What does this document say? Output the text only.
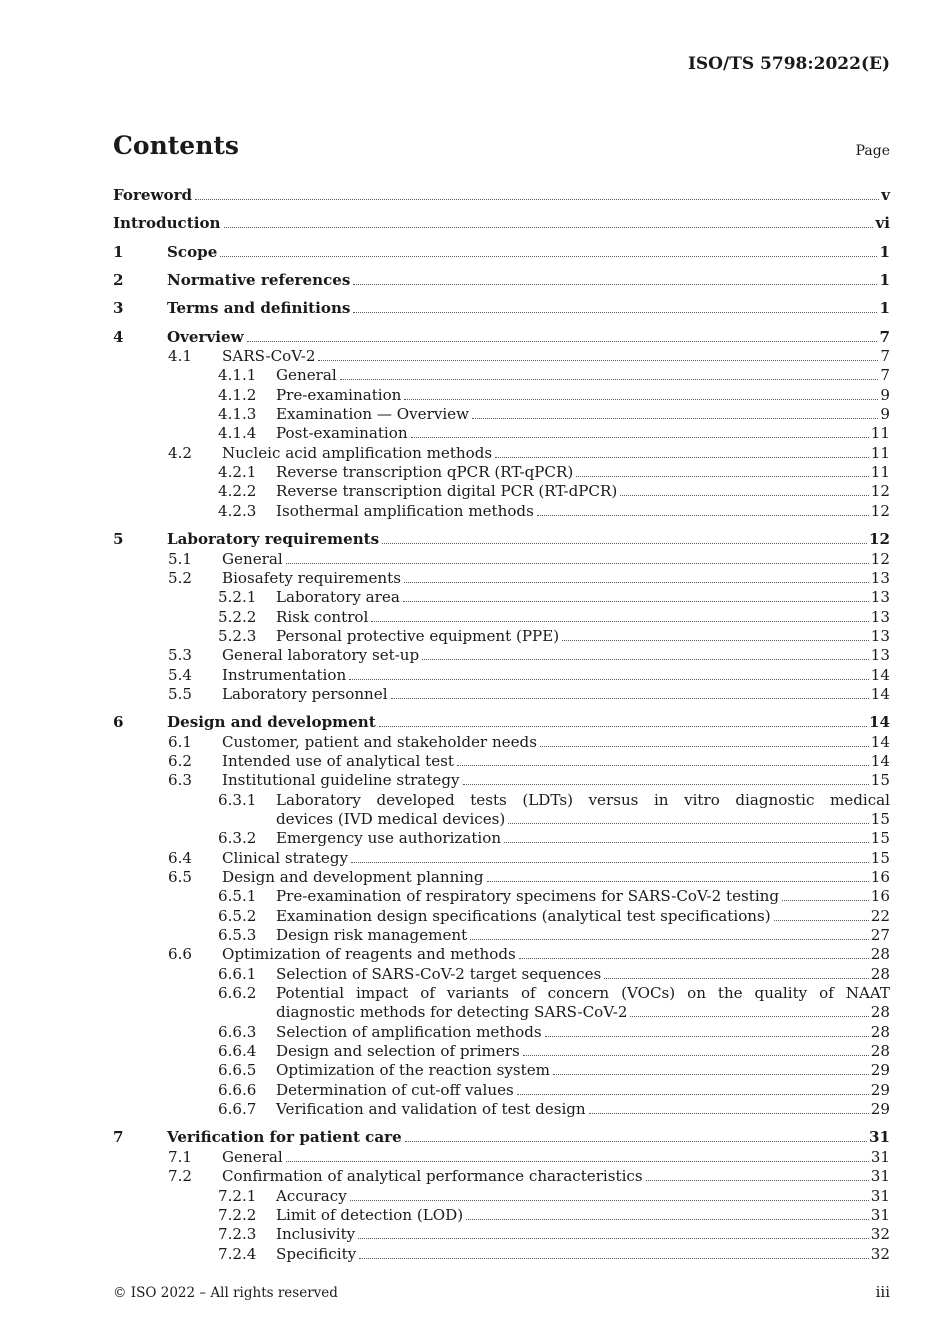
ISO/TS 5798:2022(E)
Contents	Page
Foreword	v
Introduction	vi
1	Scope	1
2	Normative references	1
3	Terms and definitions	1
4	Overview	7
4.1 SARS-CoV-2	7
4.1.1 General	7
4.1.2 Pre-examination	9
4.1.3 Examination — Overview	9
4.1.4 Post-examination	11
4.2 Nucleic acid amplification methods	11
4.2.1 Reverse transcription qPCR (RT-qPCR)	11
4.2.2 Reverse transcription digital PCR (RT-dPCR)	12
4.2.3 Isothermal amplification methods	12
5	Laboratory requirements	12
5.1 General	12
5.2 Biosafety requirements	13
5.2.1 Laboratory area	13
5.2.2 Risk control	13
5.2.3 Personal protective equipment (PPE)	13
5.3 General laboratory set-up	13
5.4 Instrumentation	14
5.5 Laboratory personnel	14
6	Design and development	14
6.1 Customer, patient and stakeholder needs	14
6.2 Intended use of analytical test	14
6.3 Institutional guideline strategy	15
6.3.1 Laboratory developed tests (LDTs) versus in vitro diagnostic medical
devices (IVD medical devices)	15
6.3.2 Emergency use authorization	15
6.4 Clinical strategy	15
6.5 Design and development planning	16
6.5.1 Pre-examination of respiratory specimens for SARS-CoV-2 testing	16
6.5.2 Examination design specifications (analytical test specifications)	22
6.5.3 Design risk management	27
6.6 Optimization of reagents and methods	28
6.6.1 Selection of SARS-CoV-2 target sequences	28
6.6.2 Potential impact of variants of concern (VOCs) on the quality of NAAT
diagnostic methods for detecting SARS-CoV-2	28
6.6.3 Selection of amplification methods	28
6.6.4 Design and selection of primers	28
6.6.5 Optimization of the reaction system	29
6.6.6 Determination of cut-off values	29
6.6.7 Verification and validation of test design	29
7	Verification for patient care	31
7.1 General	31
7.2 Confirmation of analytical performance characteristics	31
7.2.1 Accuracy	31
7.2.2 Limit of detection (LOD)	31
7.2.3 Inclusivity	32
7.2.4 Specificity	32
© ISO 2022 – All rights reserved	iii
